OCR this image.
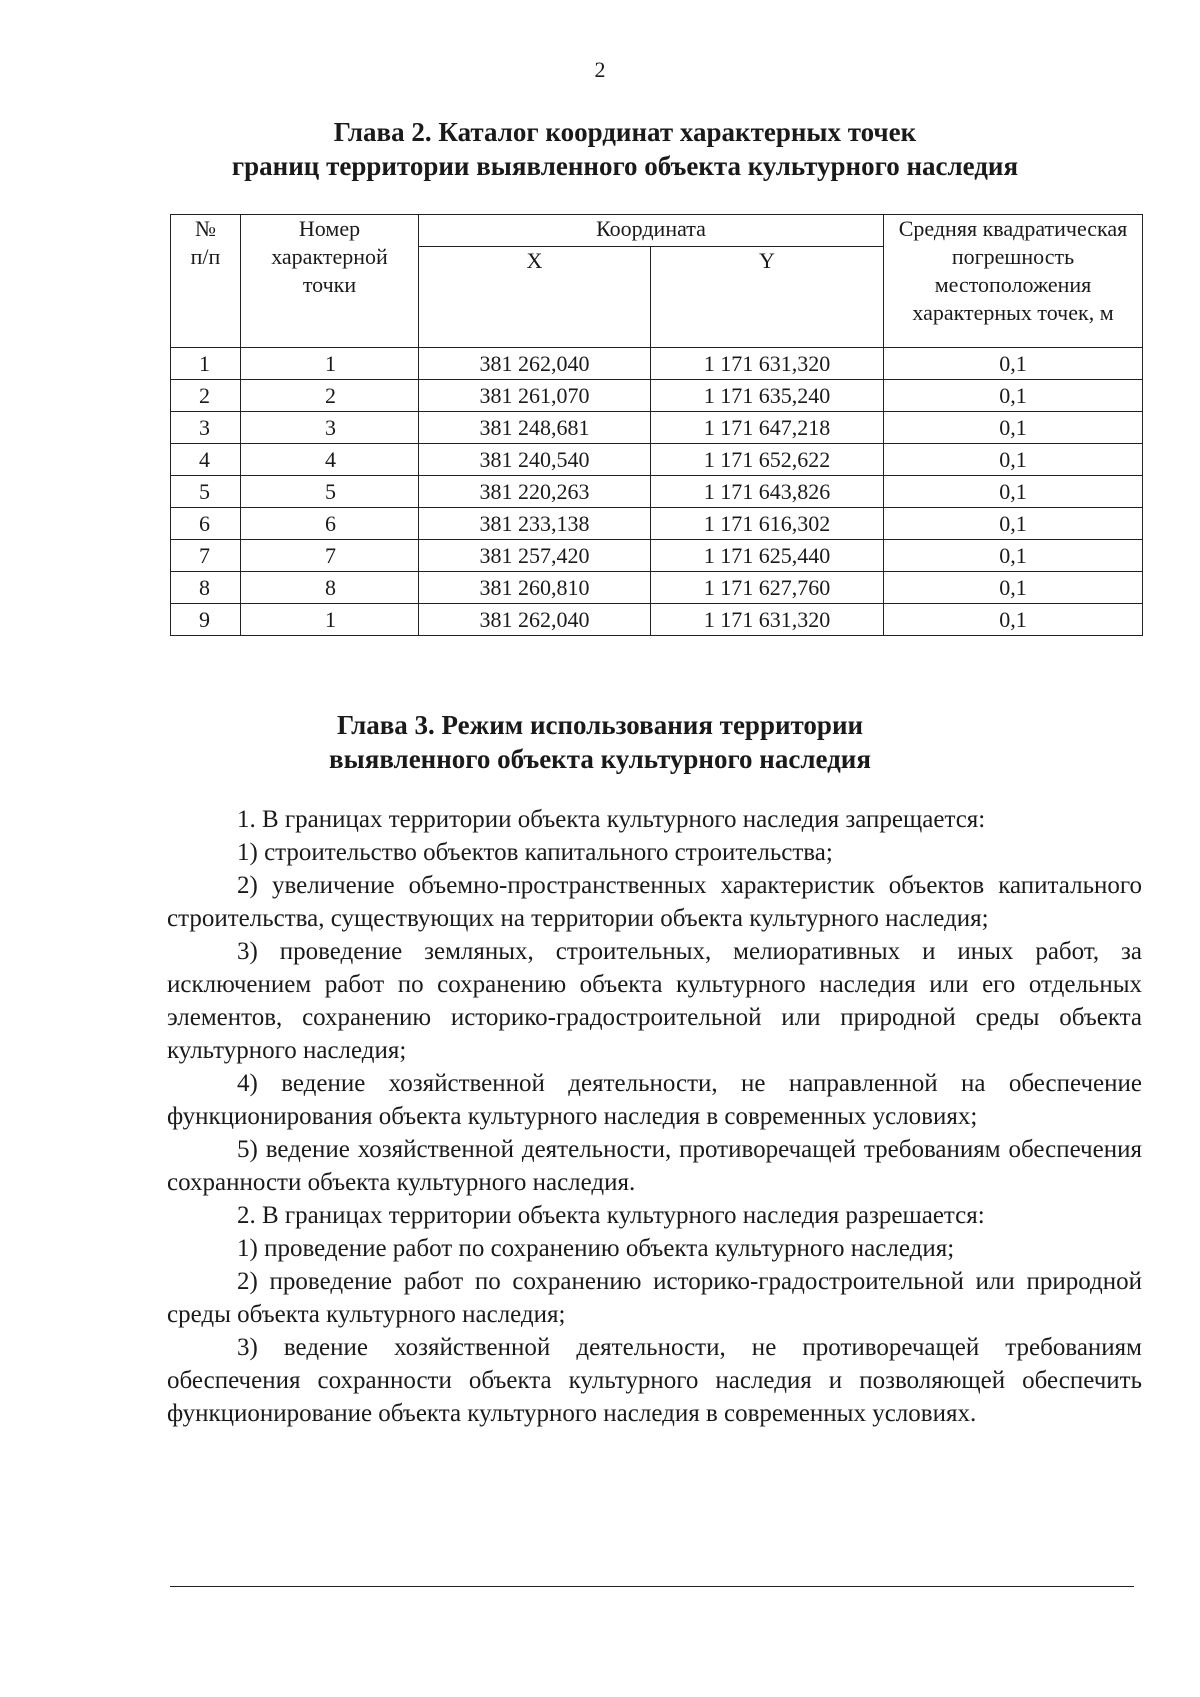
2
Глава 2. Каталог координат характерных точек
границ территории выявленного объекта культурного наследия
№ п/п	Номер характерной точки	Координата		Средняя квадратическая погрешность местоположения характерных точек, м
		X	Y	
1	1	381 262,040	1 171 631,320	0,1
2	2	381 261,070	1 171 635,240	0,1
3	3	381 248,681	1 171 647,218	0,1
4	4	381 240,540	1 171 652,622	0,1
5	5	381 220,263	1 171 643,826	0,1
6	6	381 233,138	1 171 616,302	0,1
7	7	381 257,420	1 171 625,440	0,1
8	8	381 260,810	1 171 627,760	0,1
9	1	381 262,040	1 171 631,320	0,1
Глава 3. Режим использования территории
выявленного объекта культурного наследия

1. В границах территории объекта культурного наследия запрещается:

1) строительство объектов капитального строительства;

2) увеличение объемно-пространственных характеристик объектов капитального строительства, существующих на территории объекта культурного наследия;

3) проведение земляных, строительных, мелиоративных и иных работ, за исключением работ по сохранению объекта культурного наследия или его отдельных элементов, сохранению историко-градостроительной или природной среды объекта культурного наследия;

4) ведение хозяйственной деятельности, не направленной на обеспечение функционирования объекта культурного наследия в современных условиях;

5) ведение хозяйственной деятельности, противоречащей требованиям обеспечения сохранности объекта культурного наследия.

2. В границах территории объекта культурного наследия разрешается:

1) проведение работ по сохранению объекта культурного наследия;

2) проведение работ по сохранению историко-градостроительной или природной среды объекта культурного наследия;

3) ведение хозяйственной деятельности, не противоречащей требованиям обеспечения сохранности объекта культурного наследия и позволяющей обеспечить функционирование объекта культурного наследия в современных условиях.
